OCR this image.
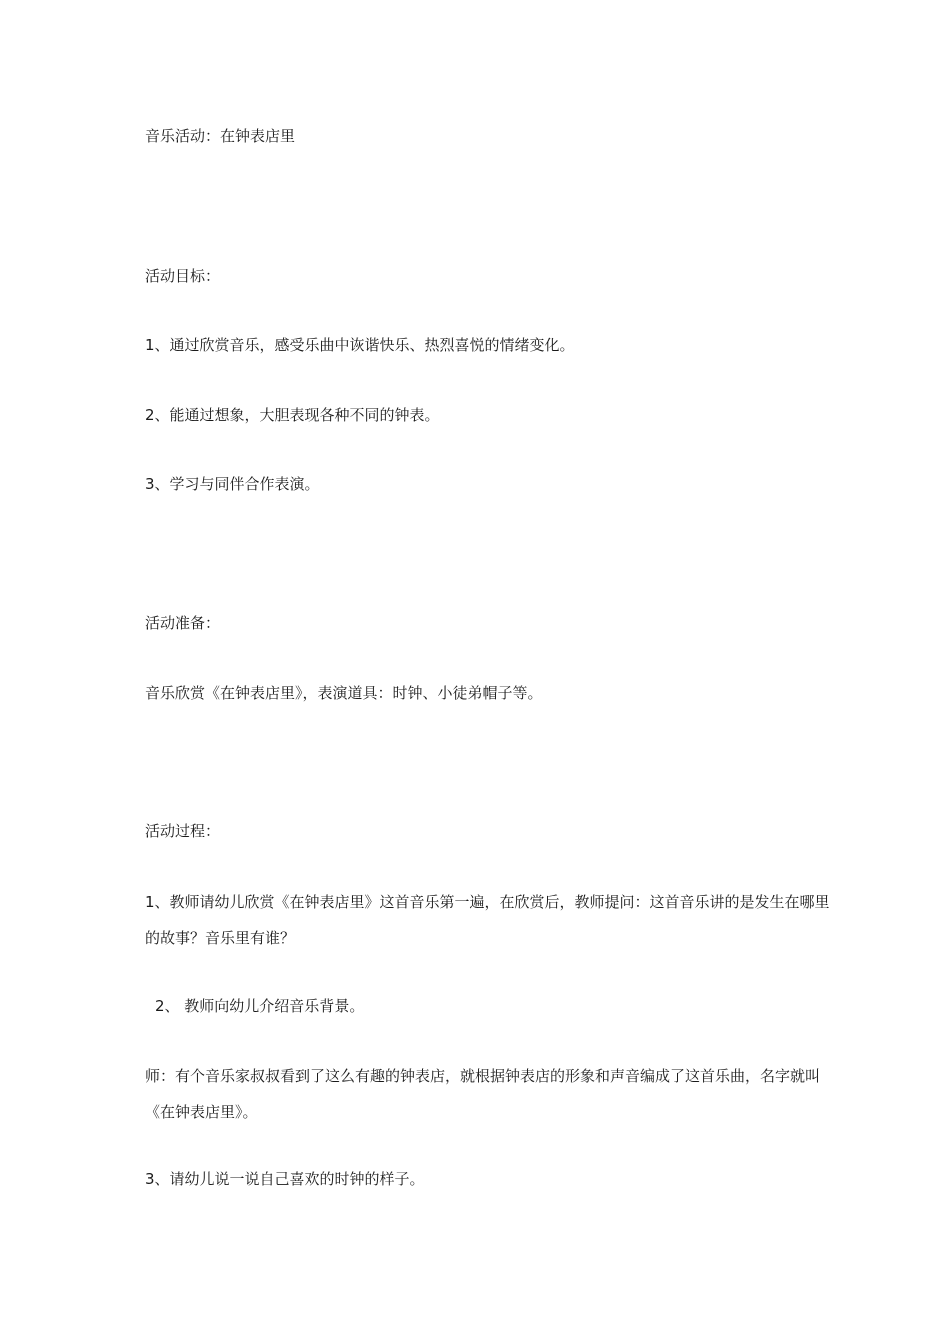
音乐活动：在钟表店里
活动目标：
1、通过欣赏音乐，感受乐曲中诙谐快乐、热烈喜悦的情绪变化。
2、能通过想象，大胆表现各种不同的钟表。
3、学习与同伴合作表演。
活动准备：
音乐欣赏《在钟表店里》，表演道具：时钟、小徒弟帽子等。
活动过程：
1、教师请幼儿欣赏《在钟表店里》这首音乐第一遍，在欣赏后，教师提问：这首音乐讲的是发生在哪里的故事？音乐里有谁？
2、 教师向幼儿介绍音乐背景。
师：有个音乐家叔叔看到了这么有趣的钟表店，就根据钟表店的形象和声音编成了这首乐曲，名字就叫《在钟表店里》。
3、请幼儿说一说自己喜欢的时钟的样子。
